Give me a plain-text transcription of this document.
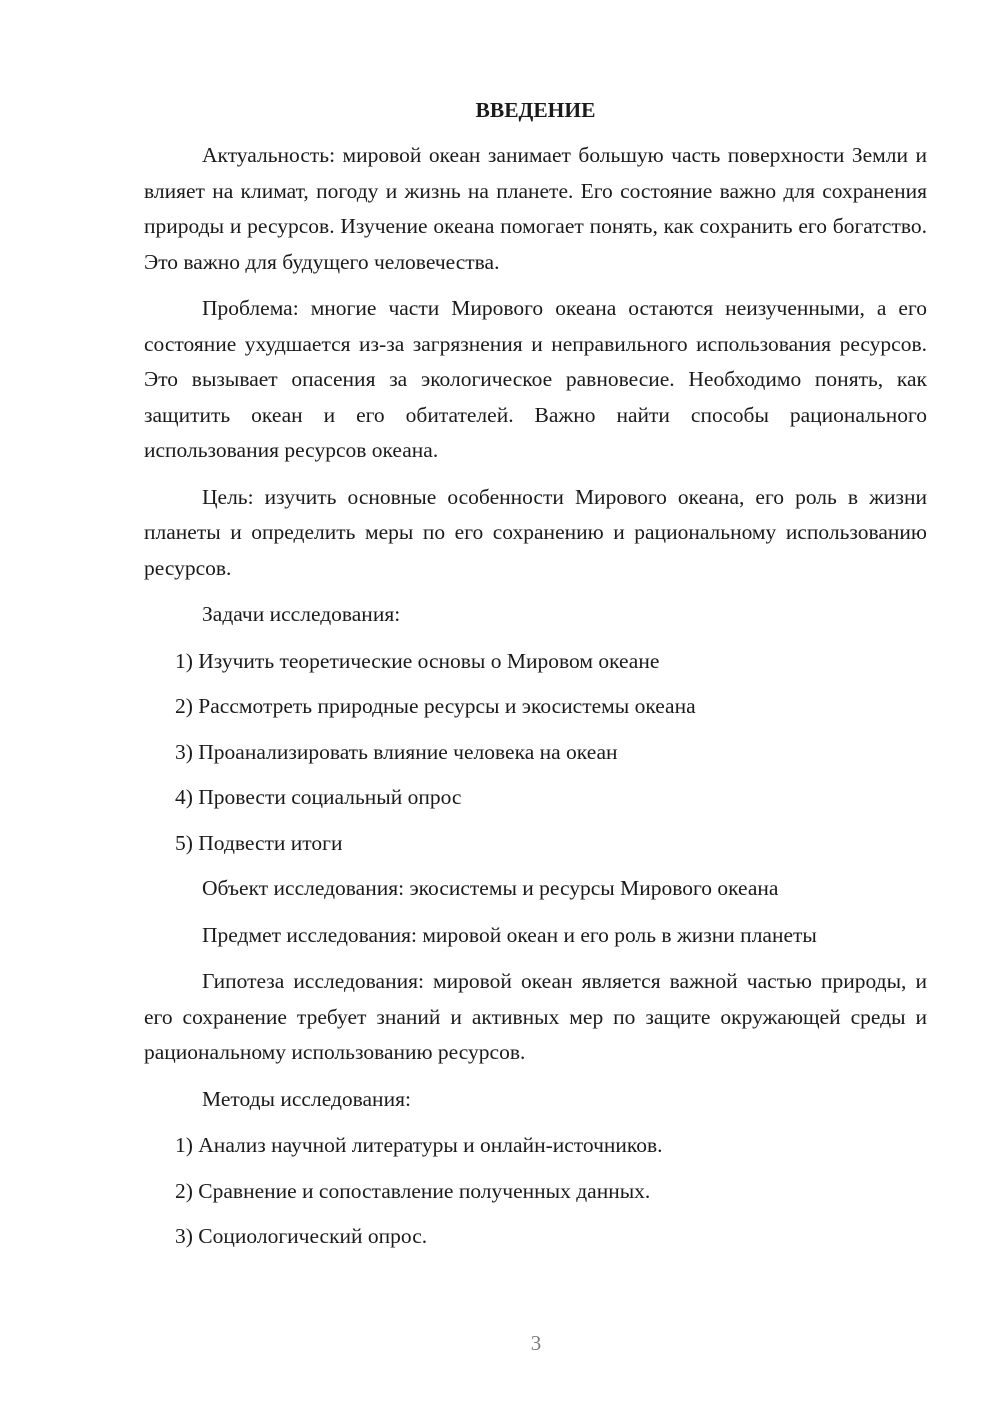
ВВЕДЕНИЕ

Актуальность: мировой океан занимает большую часть поверхности Земли и влияет на климат, погоду и жизнь на планете. Его состояние важно для сохранения природы и ресурсов. Изучение океана помогает понять, как сохранить его богатство. Это важно для будущего человечества.

Проблема: многие части Мирового океана остаются неизученными, а его состояние ухудшается из-за загрязнения и неправильного использования ресурсов. Это вызывает опасения за экологическое равновесие. Необходимо понять, как защитить океан и его обитателей. Важно найти способы рационального использования ресурсов океана.

Цель: изучить основные особенности Мирового океана, его роль в жизни планеты и определить меры по его сохранению и рациональному использованию ресурсов.

Задачи исследования:

1) Изучить теоретические основы о Мировом океане
2) Рассмотреть природные ресурсы и экосистемы океана
3) Проанализировать влияние человека на океан
4) Провести социальный опрос
5) Подвести итоги

Объект исследования: экосистемы и ресурсы Мирового океана

Предмет исследования: мировой океан и его роль в жизни планеты

Гипотеза исследования: мировой океан является важной частью природы, и его сохранение требует знаний и активных мер по защите окружающей среды и рациональному использованию ресурсов.

Методы исследования:

1) Анализ научной литературы и онлайн-источников.
2) Сравнение и сопоставление полученных данных.
3) Социологический опрос.
3
